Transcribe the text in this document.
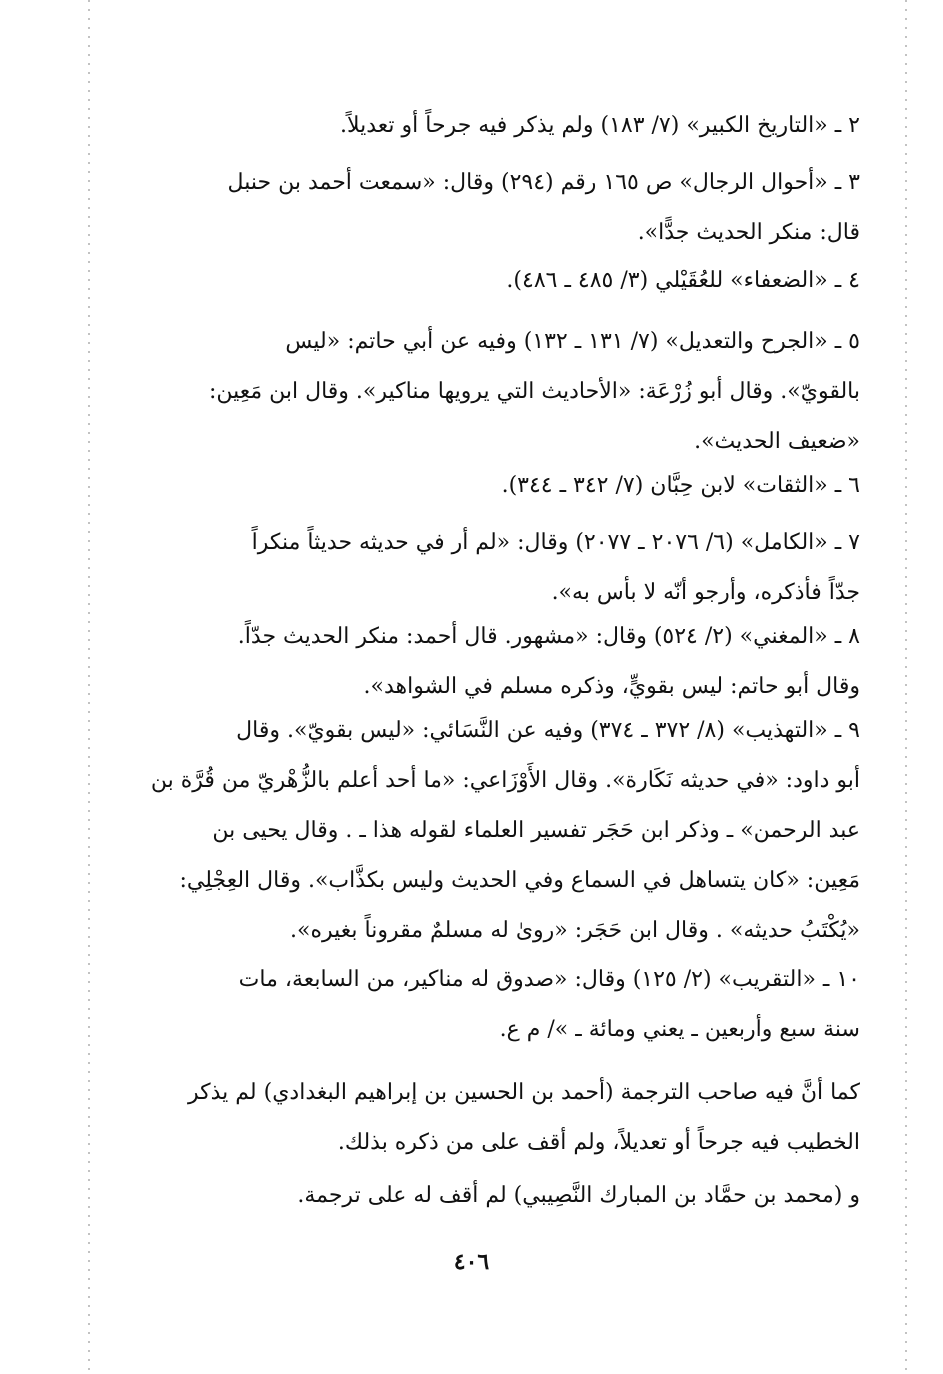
٢ ـ «التاريخ الكبير» (٧/ ١٨٣) ولم يذكر فيه جرحاً أو تعديلاً.
٣ ـ «أحوال الرجال» ص ١٦٥ رقم (٢٩٤) وقال: «سمعت أحمد بن حنبل
قال: منكر الحديث جدًّا».
٤ ـ «الضعفاء» للعُقَيْلي (٣/ ٤٨٥ ـ ٤٨٦).
٥ ـ «الجرح والتعديل» (٧/ ١٣١ ـ ١٣٢) وفيه عن أبي حاتم: «ليس
بالقويّ». وقال أبو زُرْعَة: «الأحاديث التي يرويها مناكير». وقال ابن مَعِين:
«ضعيف الحديث».
٦ ـ «الثقات» لابن حِبَّان (٧/ ٣٤٢ ـ ٣٤٤).
٧ ـ «الكامل» (٦/ ٢٠٧٦ ـ ٢٠٧٧) وقال: «لم أر في حديثه حديثاً منكراً
جدّاً فأذكره، وأرجو أنّه لا بأس به».
٨ ـ «المغني» (٢/ ٥٢٤) وقال: «مشهور. قال أحمد: منكر الحديث جدّاً.
وقال أبو حاتم: ليس بقويٍّ، وذكره مسلم في الشواهد».
٩ ـ «التهذيب» (٨/ ٣٧٢ ـ ٣٧٤) وفيه عن النَّسَائي: «ليس بقويّ». وقال
أبو داود: «في حديثه نَكَارة». وقال الأَوْزَاعي: «ما أحد أعلم بالزُّهْريّ من قُرَّة بن
عبد الرحمن» ـ وذكر ابن حَجَر تفسير العلماء لقوله هذا ـ . وقال يحيى بن
مَعِين: «كان يتساهل في السماع وفي الحديث وليس بكذَّاب». وقال العِجْلِي:
«يُكْتَبُ حديثه» . وقال ابن حَجَر: «روىٰ له مسلمٌ مقروناً بغيره».
١٠ ـ «التقريب» (٢/ ١٢٥) وقال: «صدوق له مناكير، من السابعة، مات
سنة سبع وأربعين ـ يعني ومائة ـ »/ م ع.
كما أنَّ فيه صاحب الترجمة (أحمد بن الحسين بن إبراهيم البغدادي) لم يذكر
الخطيب فيه جرحاً أو تعديلاً، ولم أقف على من ذكره بذلك.
و (محمد بن حمَّاد بن المبارك النَّصِيبي) لم أقف له على ترجمة.
٤٠٦
